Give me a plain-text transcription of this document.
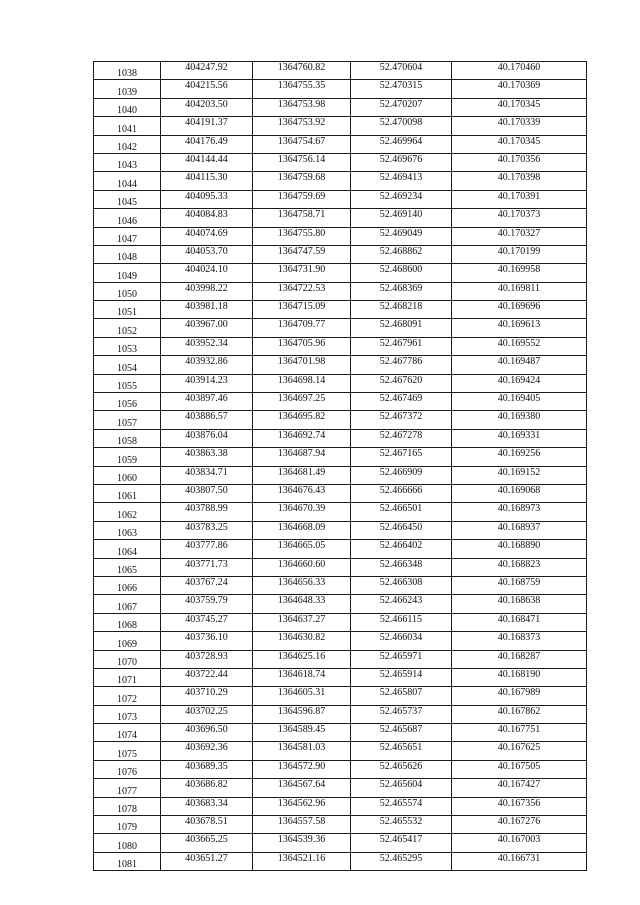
1038	404247.92	1364760.82	52.470604	40.170460
1039	404215.56	1364755.35	52.470315	40.170369
1040	404203.50	1364753.98	52.470207	40.170345
1041	404191.37	1364753.92	52.470098	40.170339
1042	404176.49	1364754.67	52.469964	40.170345
1043	404144.44	1364756.14	52.469676	40.170356
1044	404115.30	1364759.68	52.469413	40.170398
1045	404095.33	1364759.69	52.469234	40.170391
1046	404084.83	1364758.71	52.469140	40.170373
1047	404074.69	1364755.80	52.469049	40.170327
1048	404053.70	1364747.59	52.468862	40.170199
1049	404024.10	1364731.90	52.468600	40.169958
1050	403998.22	1364722.53	52.468369	40.169811
1051	403981.18	1364715.09	52.468218	40.169696
1052	403967.00	1364709.77	52.468091	40.169613
1053	403952.34	1364705.96	52.467961	40.169552
1054	403932.86	1364701.98	52.467786	40.169487
1055	403914.23	1364698.14	52.467620	40.169424
1056	403897.46	1364697.25	52.467469	40.169405
1057	403886.57	1364695.82	52.467372	40.169380
1058	403876.04	1364692.74	52.467278	40.169331
1059	403863.38	1364687.94	52.467165	40.169256
1060	403834.71	1364681.49	52.466909	40.169152
1061	403807.50	1364676.43	52.466666	40.169068
1062	403788.99	1364670.39	52.466501	40.168973
1063	403783.25	1364668.09	52.466450	40.168937
1064	403777.86	1364665.05	52.466402	40.168890
1065	403771.73	1364660.60	52.466348	40.168823
1066	403767.24	1364656.33	52.466308	40.168759
1067	403759.79	1364648.33	52.466243	40.168638
1068	403745.27	1364637.27	52.466115	40.168471
1069	403736.10	1364630.82	52.466034	40.168373
1070	403728.93	1364625.16	52.465971	40.168287
1071	403722.44	1364618.74	52.465914	40.168190
1072	403710.29	1364605.31	52.465807	40.167989
1073	403702.25	1364596.87	52.465737	40.167862
1074	403696.50	1364589.45	52.465687	40.167751
1075	403692.36	1364581.03	52.465651	40.167625
1076	403689.35	1364572.90	52.465626	40.167505
1077	403686.82	1364567.64	52.465604	40.167427
1078	403683.34	1364562.96	52.465574	40.167356
1079	403678.51	1364557.58	52.465532	40.167276
1080	403665.25	1364539.36	52.465417	40.167003
1081	403651.27	1364521.16	52.465295	40.166731
